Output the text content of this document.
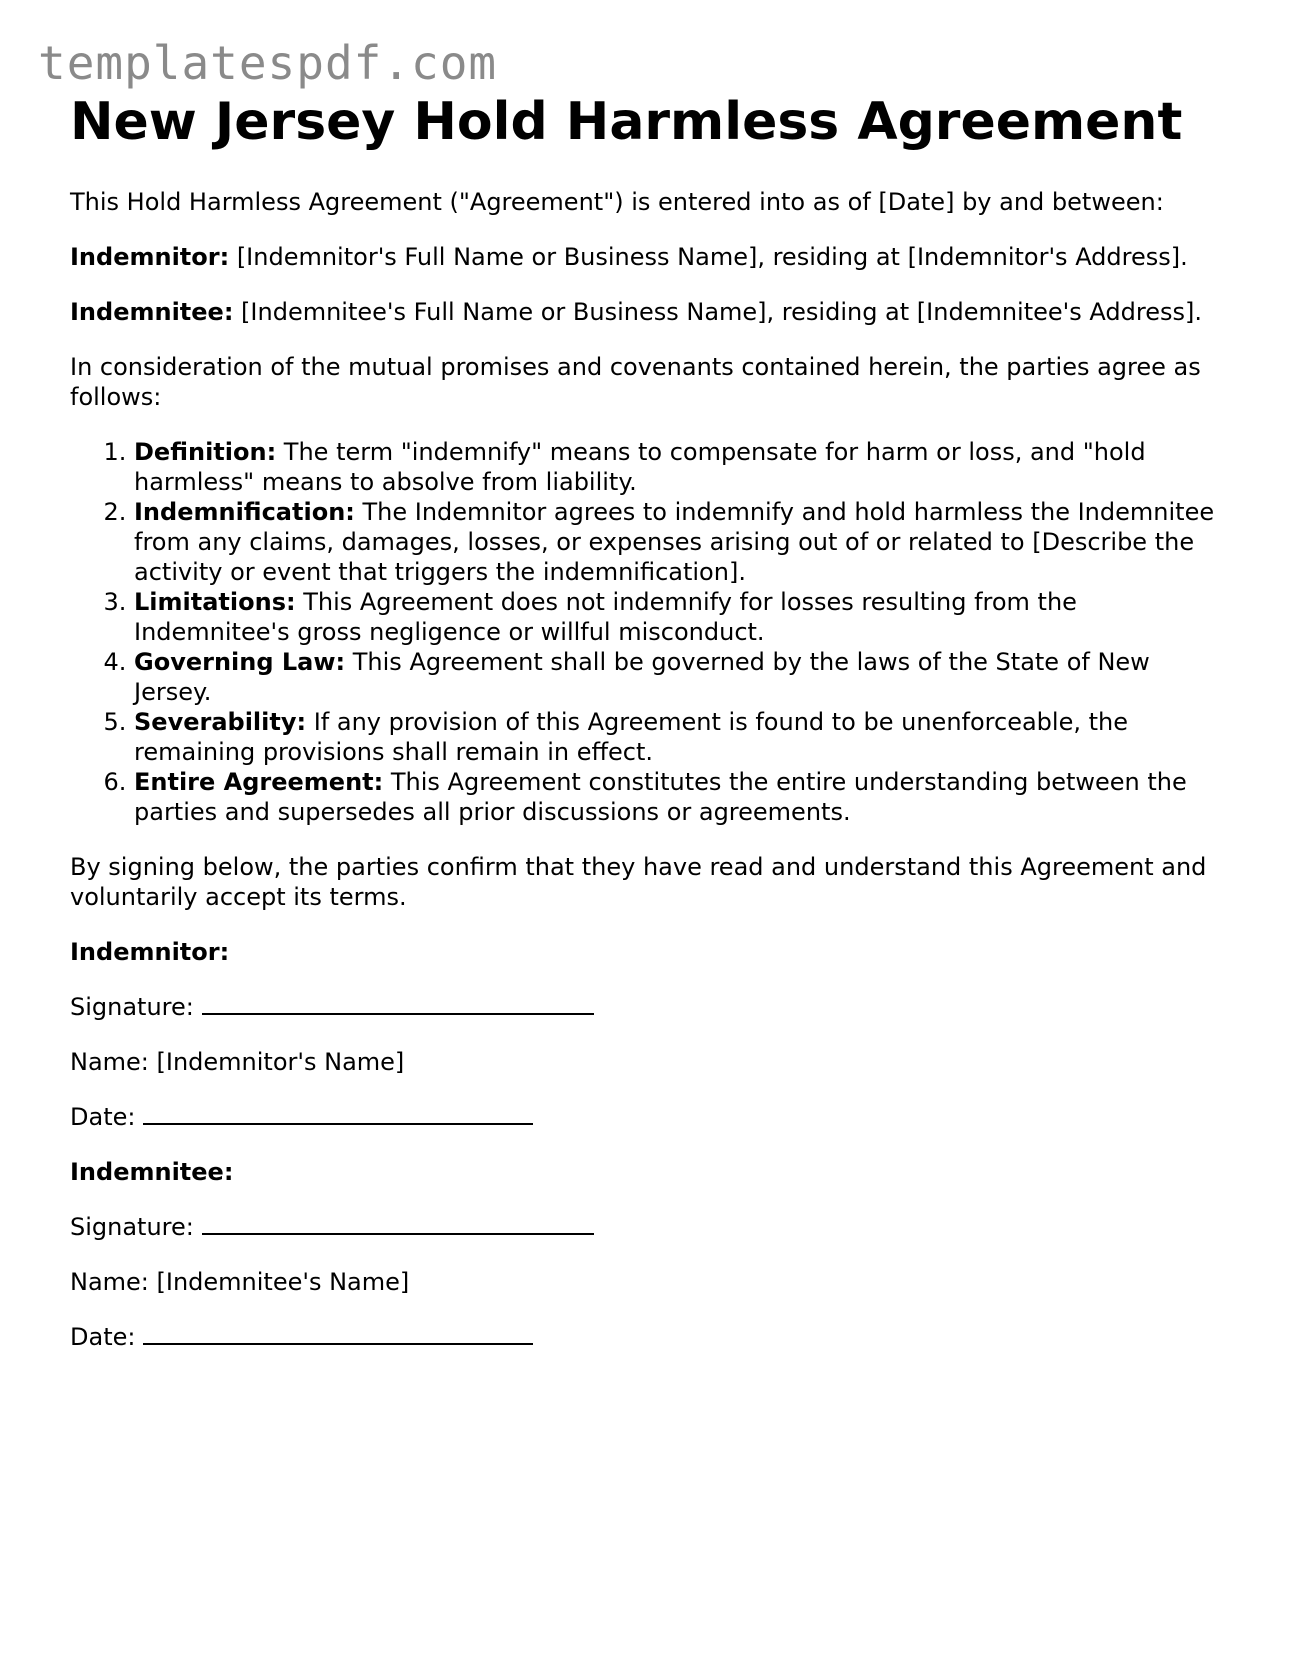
templatespdf.com
New Jersey Hold Harmless Agreement

This Hold Harmless Agreement ("Agreement") is entered into as of [Date] by and between:

Indemnitor: [Indemnitor's Full Name or Business Name], residing at [Indemnitor's Address].

Indemnitee: [Indemnitee's Full Name or Business Name], residing at [Indemnitee's Address].

In consideration of the mutual promises and covenants contained herein, the parties agree as follows:

1. Definition: The term "indemnify" means to compensate for harm or loss, and "hold harmless" means to absolve from liability.
2. Indemnification: The Indemnitor agrees to indemnify and hold harmless the Indemnitee from any claims, damages, losses, or expenses arising out of or related to [Describe the activity or event that triggers the indemnification].
3. Limitations: This Agreement does not indemnify for losses resulting from the Indemnitee's gross negligence or willful misconduct.
4. Governing Law: This Agreement shall be governed by the laws of the State of New Jersey.
5. Severability: If any provision of this Agreement is found to be unenforceable, the remaining provisions shall remain in effect.
6. Entire Agreement: This Agreement constitutes the entire understanding between the parties and supersedes all prior discussions or agreements.

By signing below, the parties confirm that they have read and understand this Agreement and voluntarily accept its terms.

Indemnitor:

Signature:

Name: [Indemnitor's Name]

Date:

Indemnitee:

Signature:

Name: [Indemnitee's Name]

Date:
